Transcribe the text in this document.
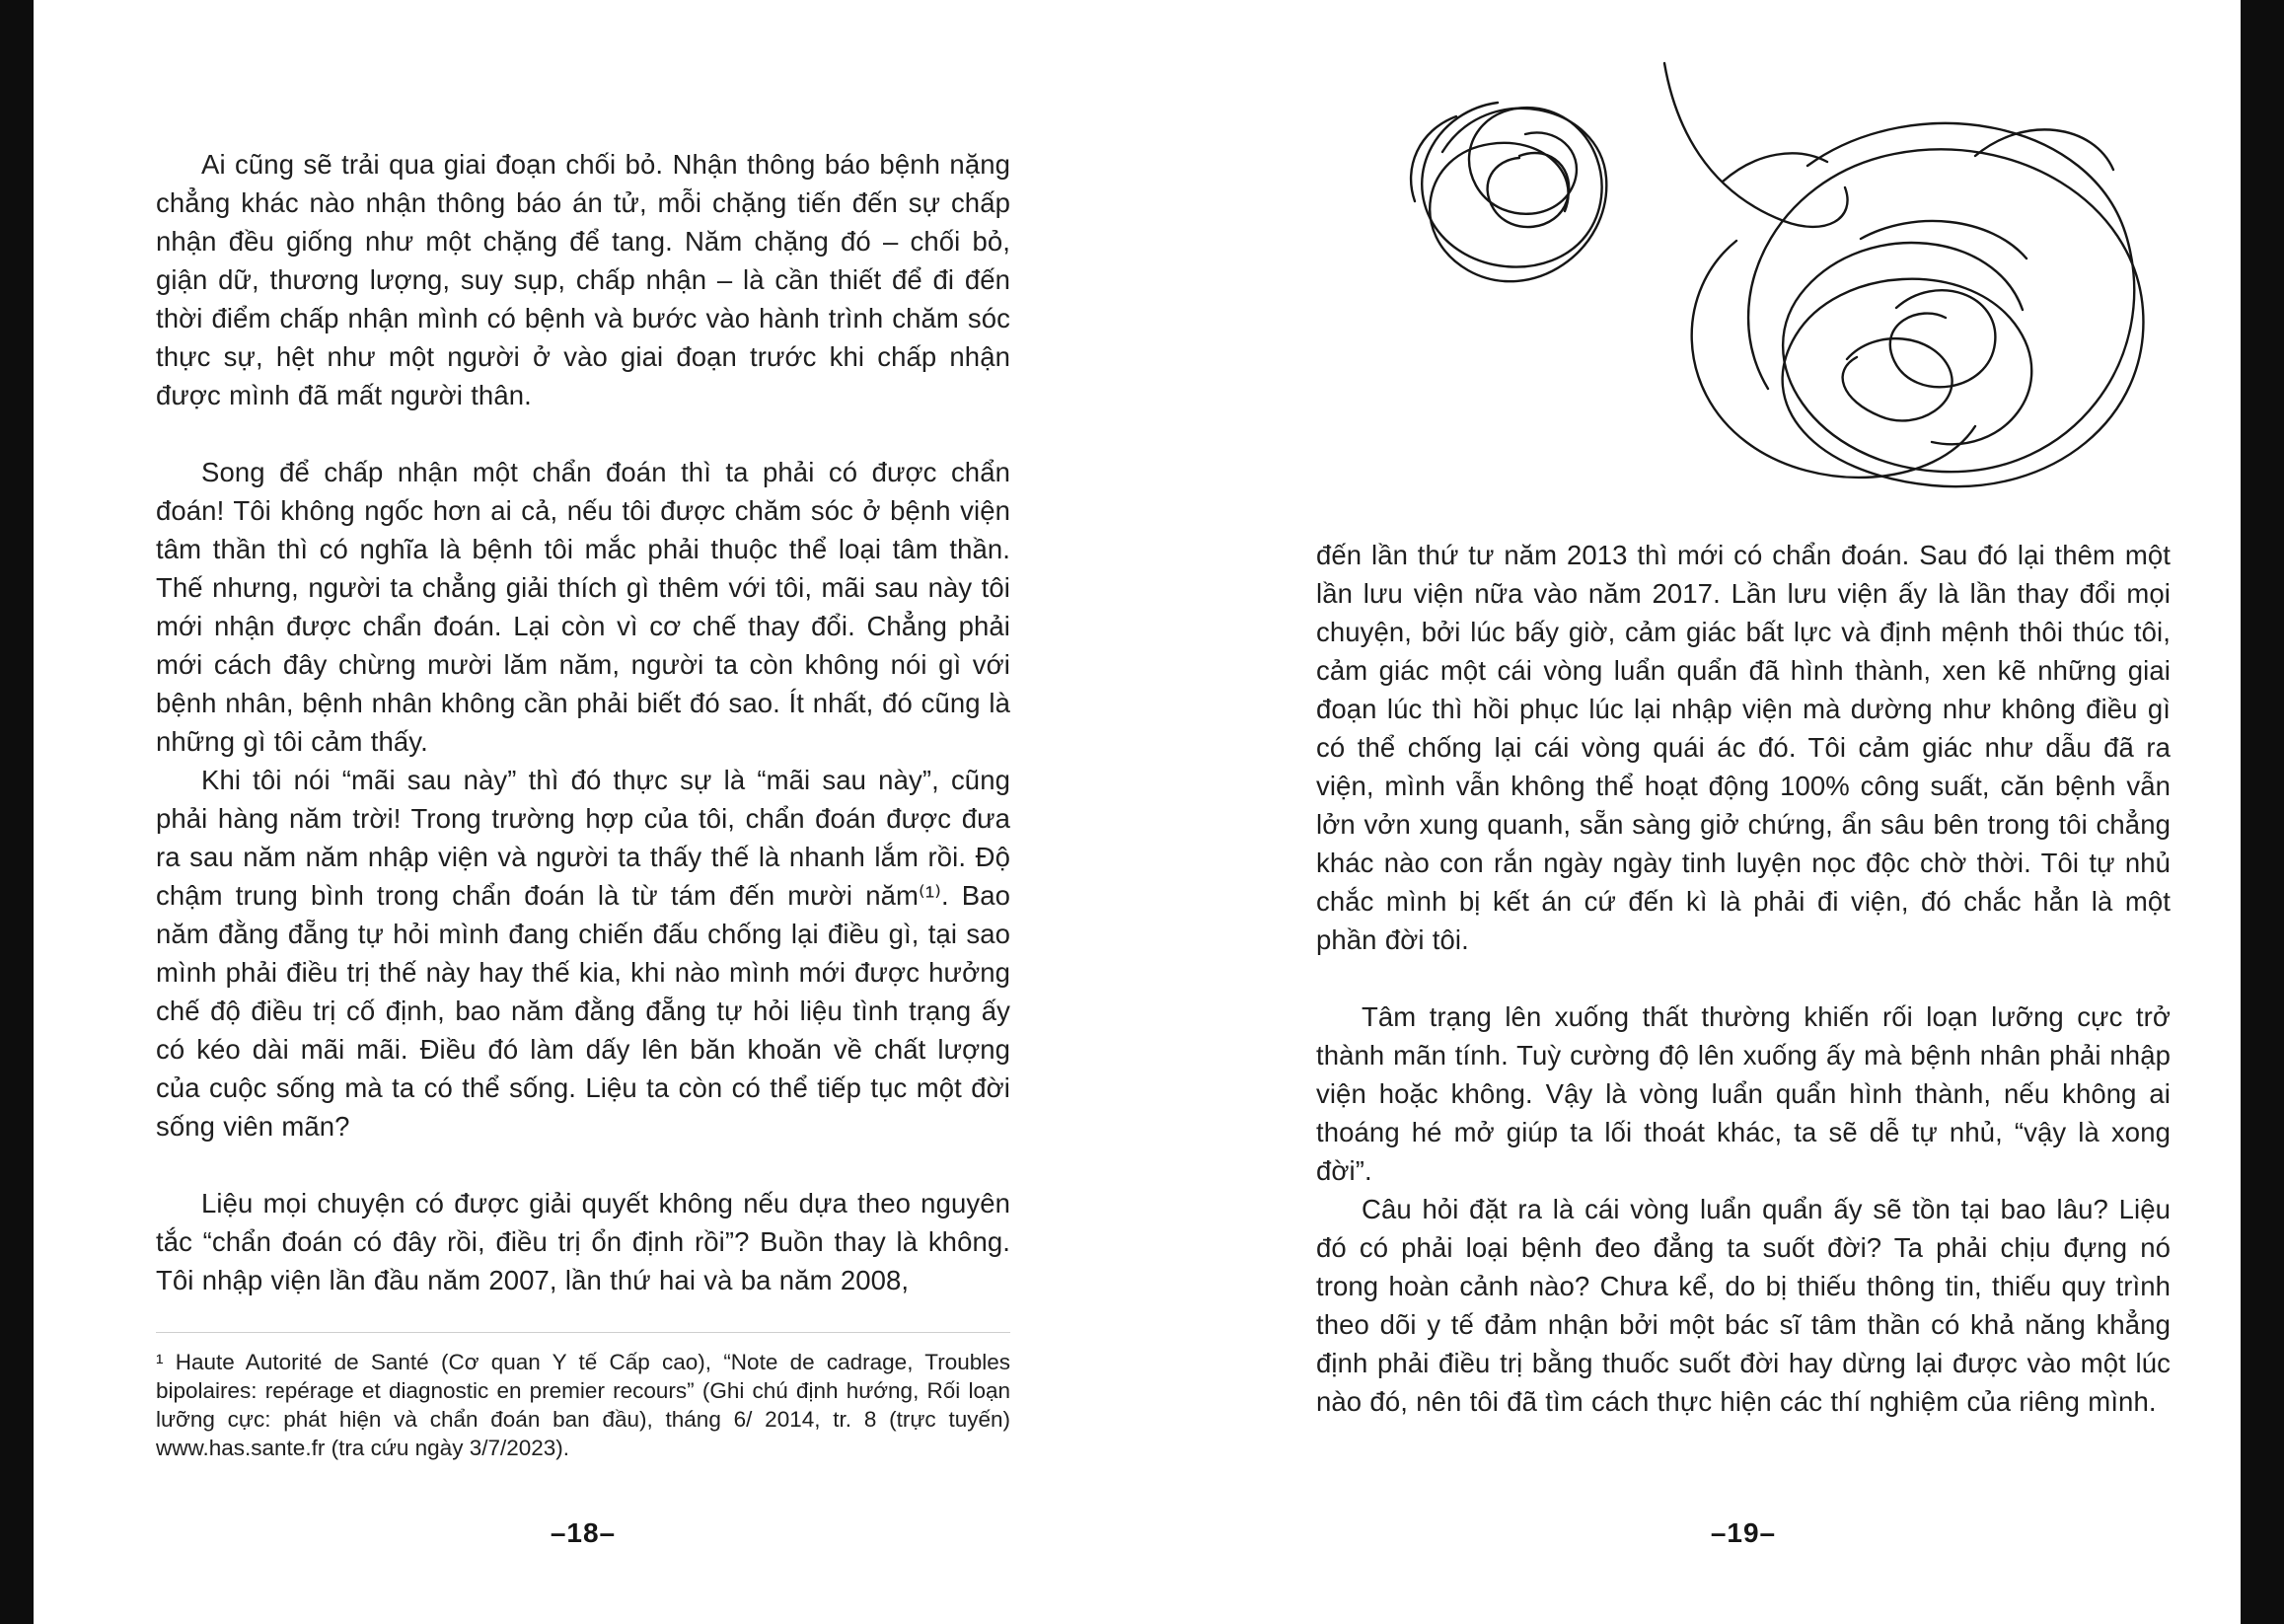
Ai cũng sẽ trải qua giai đoạn chối bỏ. Nhận thông báo bệnh nặng chẳng khác nào nhận thông báo án tử, mỗi chặng tiến đến sự chấp nhận đều giống như một chặng để tang. Năm chặng đó – chối bỏ, giận dữ, thương lượng, suy sụp, chấp nhận – là cần thiết để đi đến thời điểm chấp nhận mình có bệnh và bước vào hành trình chăm sóc thực sự, hệt như một người ở vào giai đoạn trước khi chấp nhận được mình đã mất người thân.

Song để chấp nhận một chẩn đoán thì ta phải có được chẩn đoán! Tôi không ngốc hơn ai cả, nếu tôi được chăm sóc ở bệnh viện tâm thần thì có nghĩa là bệnh tôi mắc phải thuộc thể loại tâm thần. Thế nhưng, người ta chẳng giải thích gì thêm với tôi, mãi sau này tôi mới nhận được chẩn đoán. Lại còn vì cơ chế thay đổi. Chẳng phải mới cách đây chừng mười lăm năm, người ta còn không nói gì với bệnh nhân, bệnh nhân không cần phải biết đó sao. Ít nhất, đó cũng là những gì tôi cảm thấy.

Khi tôi nói “mãi sau này” thì đó thực sự là “mãi sau này”, cũng phải hàng năm trời! Trong trường hợp của tôi, chẩn đoán được đưa ra sau năm năm nhập viện và người ta thấy thế là nhanh lắm rồi. Độ chậm trung bình trong chẩn đoán là từ tám đến mười năm⁽¹⁾. Bao năm đằng đẵng tự hỏi mình đang chiến đấu chống lại điều gì, tại sao mình phải điều trị thế này hay thế kia, khi nào mình mới được hưởng chế độ điều trị cố định, bao năm đằng đẵng tự hỏi liệu tình trạng ấy có kéo dài mãi mãi. Điều đó làm dấy lên băn khoăn về chất lượng của cuộc sống mà ta có thể sống. Liệu ta còn có thể tiếp tục một đời sống viên mãn?

Liệu mọi chuyện có được giải quyết không nếu dựa theo nguyên tắc “chẩn đoán có đây rồi, điều trị ổn định rồi”? Buồn thay là không. Tôi nhập viện lần đầu năm 2007, lần thứ hai và ba năm 2008,

¹ Haute Autorité de Santé (Cơ quan Y tế Cấp cao), “Note de cadrage, Troubles bipolaires: repérage et diagnostic en premier recours” (Ghi chú định hướng, Rối loạn lưỡng cực: phát hiện và chẩn đoán ban đầu), tháng 6/ 2014, tr. 8 (trực tuyến) www.has.sante.fr (tra cứu ngày 3/7/2023).

–18–

đến lần thứ tư năm 2013 thì mới có chẩn đoán. Sau đó lại thêm một lần lưu viện nữa vào năm 2017. Lần lưu viện ấy là lần thay đổi mọi chuyện, bởi lúc bấy giờ, cảm giác bất lực và định mệnh thôi thúc tôi, cảm giác một cái vòng luẩn quẩn đã hình thành, xen kẽ những giai đoạn lúc thì hồi phục lúc lại nhập viện mà dường như không điều gì có thể chống lại cái vòng quái ác đó. Tôi cảm giác như dẫu đã ra viện, mình vẫn không thể hoạt động 100% công suất, căn bệnh vẫn lởn vởn xung quanh, sẵn sàng giở chứng, ẩn sâu bên trong tôi chẳng khác nào con rắn ngày ngày tinh luyện nọc độc chờ thời. Tôi tự nhủ chắc mình bị kết án cứ đến kì là phải đi viện, đó chắc hẳn là một phần đời tôi.

Tâm trạng lên xuống thất thường khiến rối loạn lưỡng cực trở thành mãn tính. Tuỳ cường độ lên xuống ấy mà bệnh nhân phải nhập viện hoặc không. Vậy là vòng luẩn quẩn hình thành, nếu không ai thoáng hé mở giúp ta lối thoát khác, ta sẽ dễ tự nhủ, “vậy là xong đời”.

Câu hỏi đặt ra là cái vòng luẩn quẩn ấy sẽ tồn tại bao lâu? Liệu đó có phải loại bệnh đeo đẳng ta suốt đời? Ta phải chịu đựng nó trong hoàn cảnh nào? Chưa kể, do bị thiếu thông tin, thiếu quy trình theo dõi y tế đảm nhận bởi một bác sĩ tâm thần có khả năng khẳng định phải điều trị bằng thuốc suốt đời hay dừng lại được vào một lúc nào đó, nên tôi đã tìm cách thực hiện các thí nghiệm của riêng mình.

–19–
